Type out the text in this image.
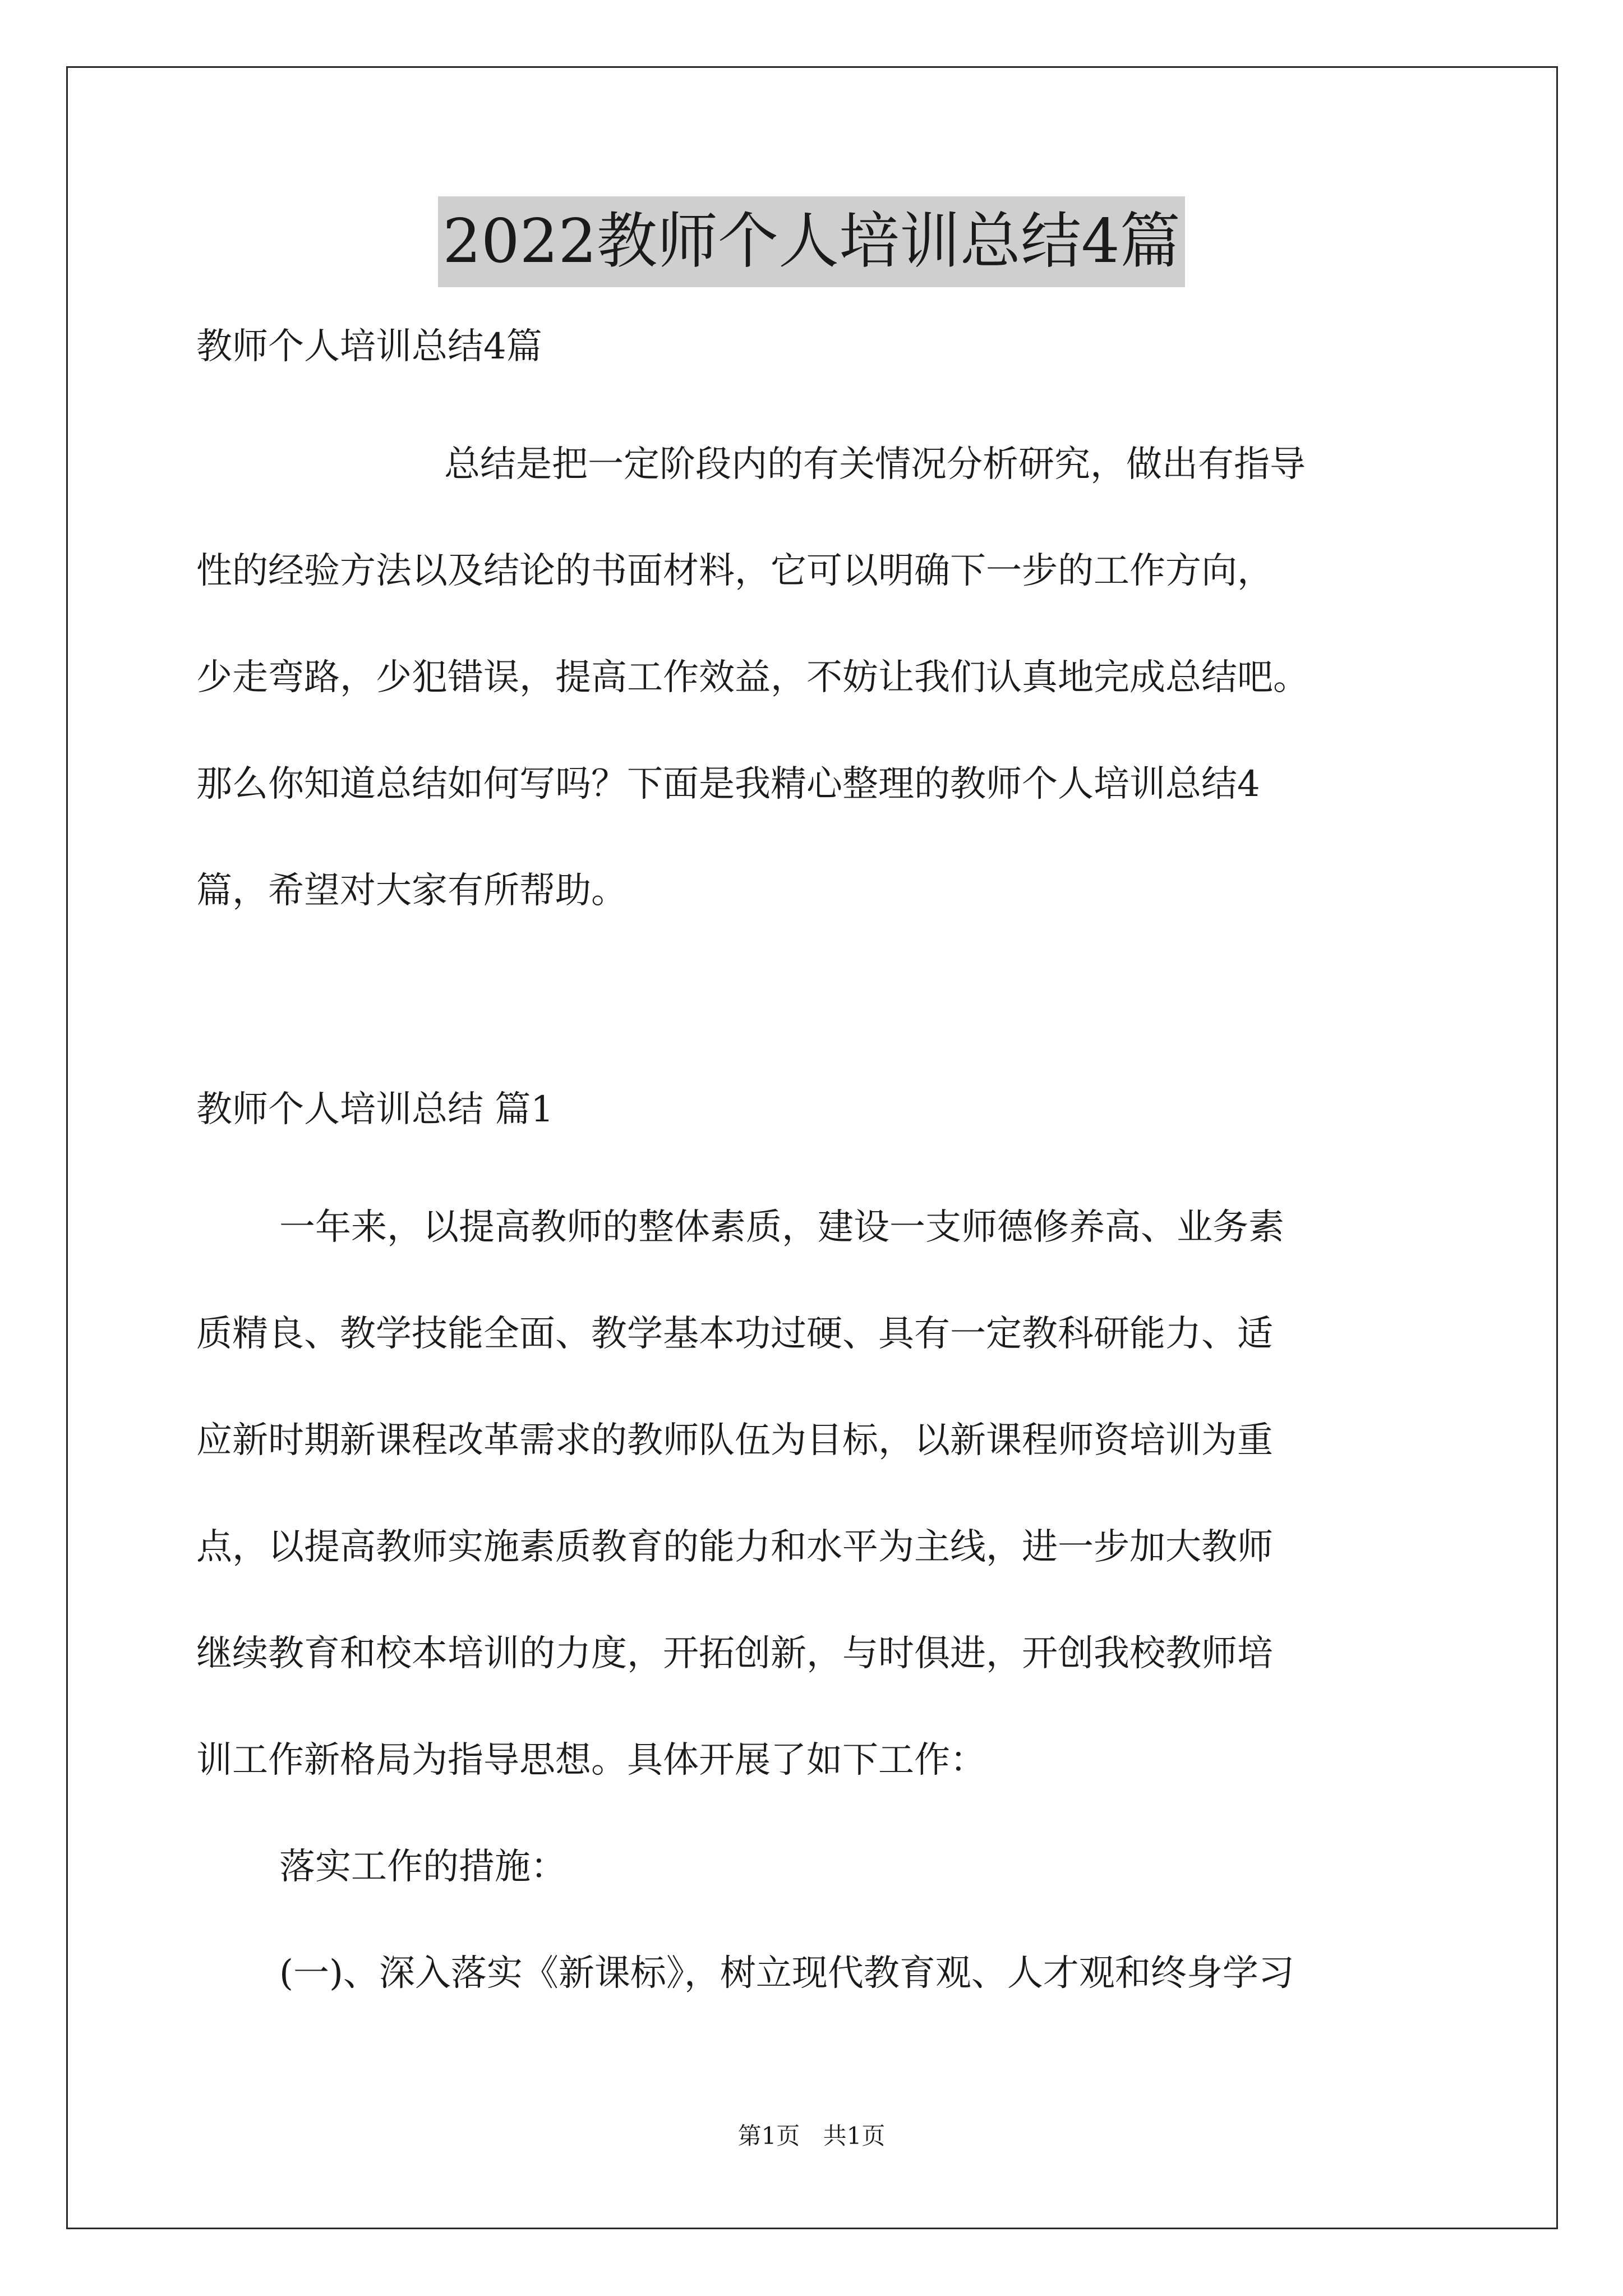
2022教师个人培训总结4篇
教师个人培训总结4篇
总结是把一定阶段内的有关情况分析研究，做出有指导
性的经验方法以及结论的书面材料，它可以明确下一步的工作方向，
少走弯路，少犯错误，提高工作效益，不妨让我们认真地完成总结吧。
那么你知道总结如何写吗？下面是我精心整理的教师个人培训总结4
篇，希望对大家有所帮助。
教师个人培训总结 篇1
一年来，以提高教师的整体素质，建设一支师德修养高、业务素
质精良、教学技能全面、教学基本功过硬、具有一定教科研能力、适
应新时期新课程改革需求的教师队伍为目标，以新课程师资培训为重
点，以提高教师实施素质教育的能力和水平为主线，进一步加大教师
继续教育和校本培训的力度，开拓创新，与时俱进，开创我校教师培
训工作新格局为指导思想。具体开展了如下工作：
落实工作的措施：
(一)、深入落实《新课标》，树立现代教育观、人才观和终身学习
第1页 共1页
